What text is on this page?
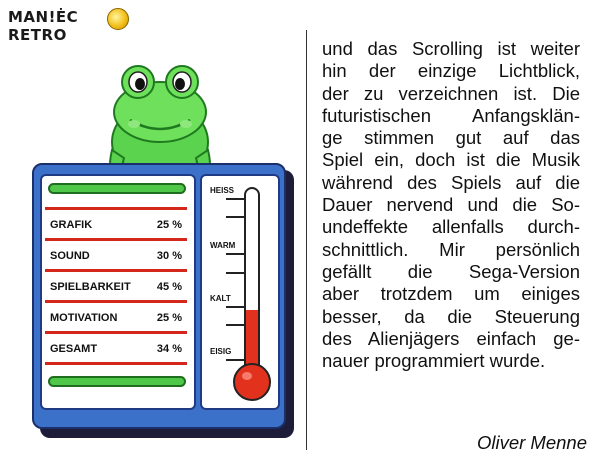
MAN!ĖC RETRO
GRAFIK	25 %
SOUND	30 %
SPIELBARKEIT 45 %
MOTIVATION	25 %
GESAMT	34 %
HEISS
WARM
KALT
EISIG
und das Scrolling ist weiter
hin der einzige Lichtblick,
der zu verzeichnen ist. Die
futuristischen Anfangsklän-
ge stimmen gut auf das
Spiel ein, doch ist die Musik
während des Spiels auf die
Dauer nervend und die So-
undeffekte allenfalls durch-
schnittlich. Mir persönlich
gefällt die Sega-Version
aber trotzdem um einiges
besser, da die Steuerung
des Alienjägers einfach ge-
nauer programmiert wurde.
Oliver Menne
